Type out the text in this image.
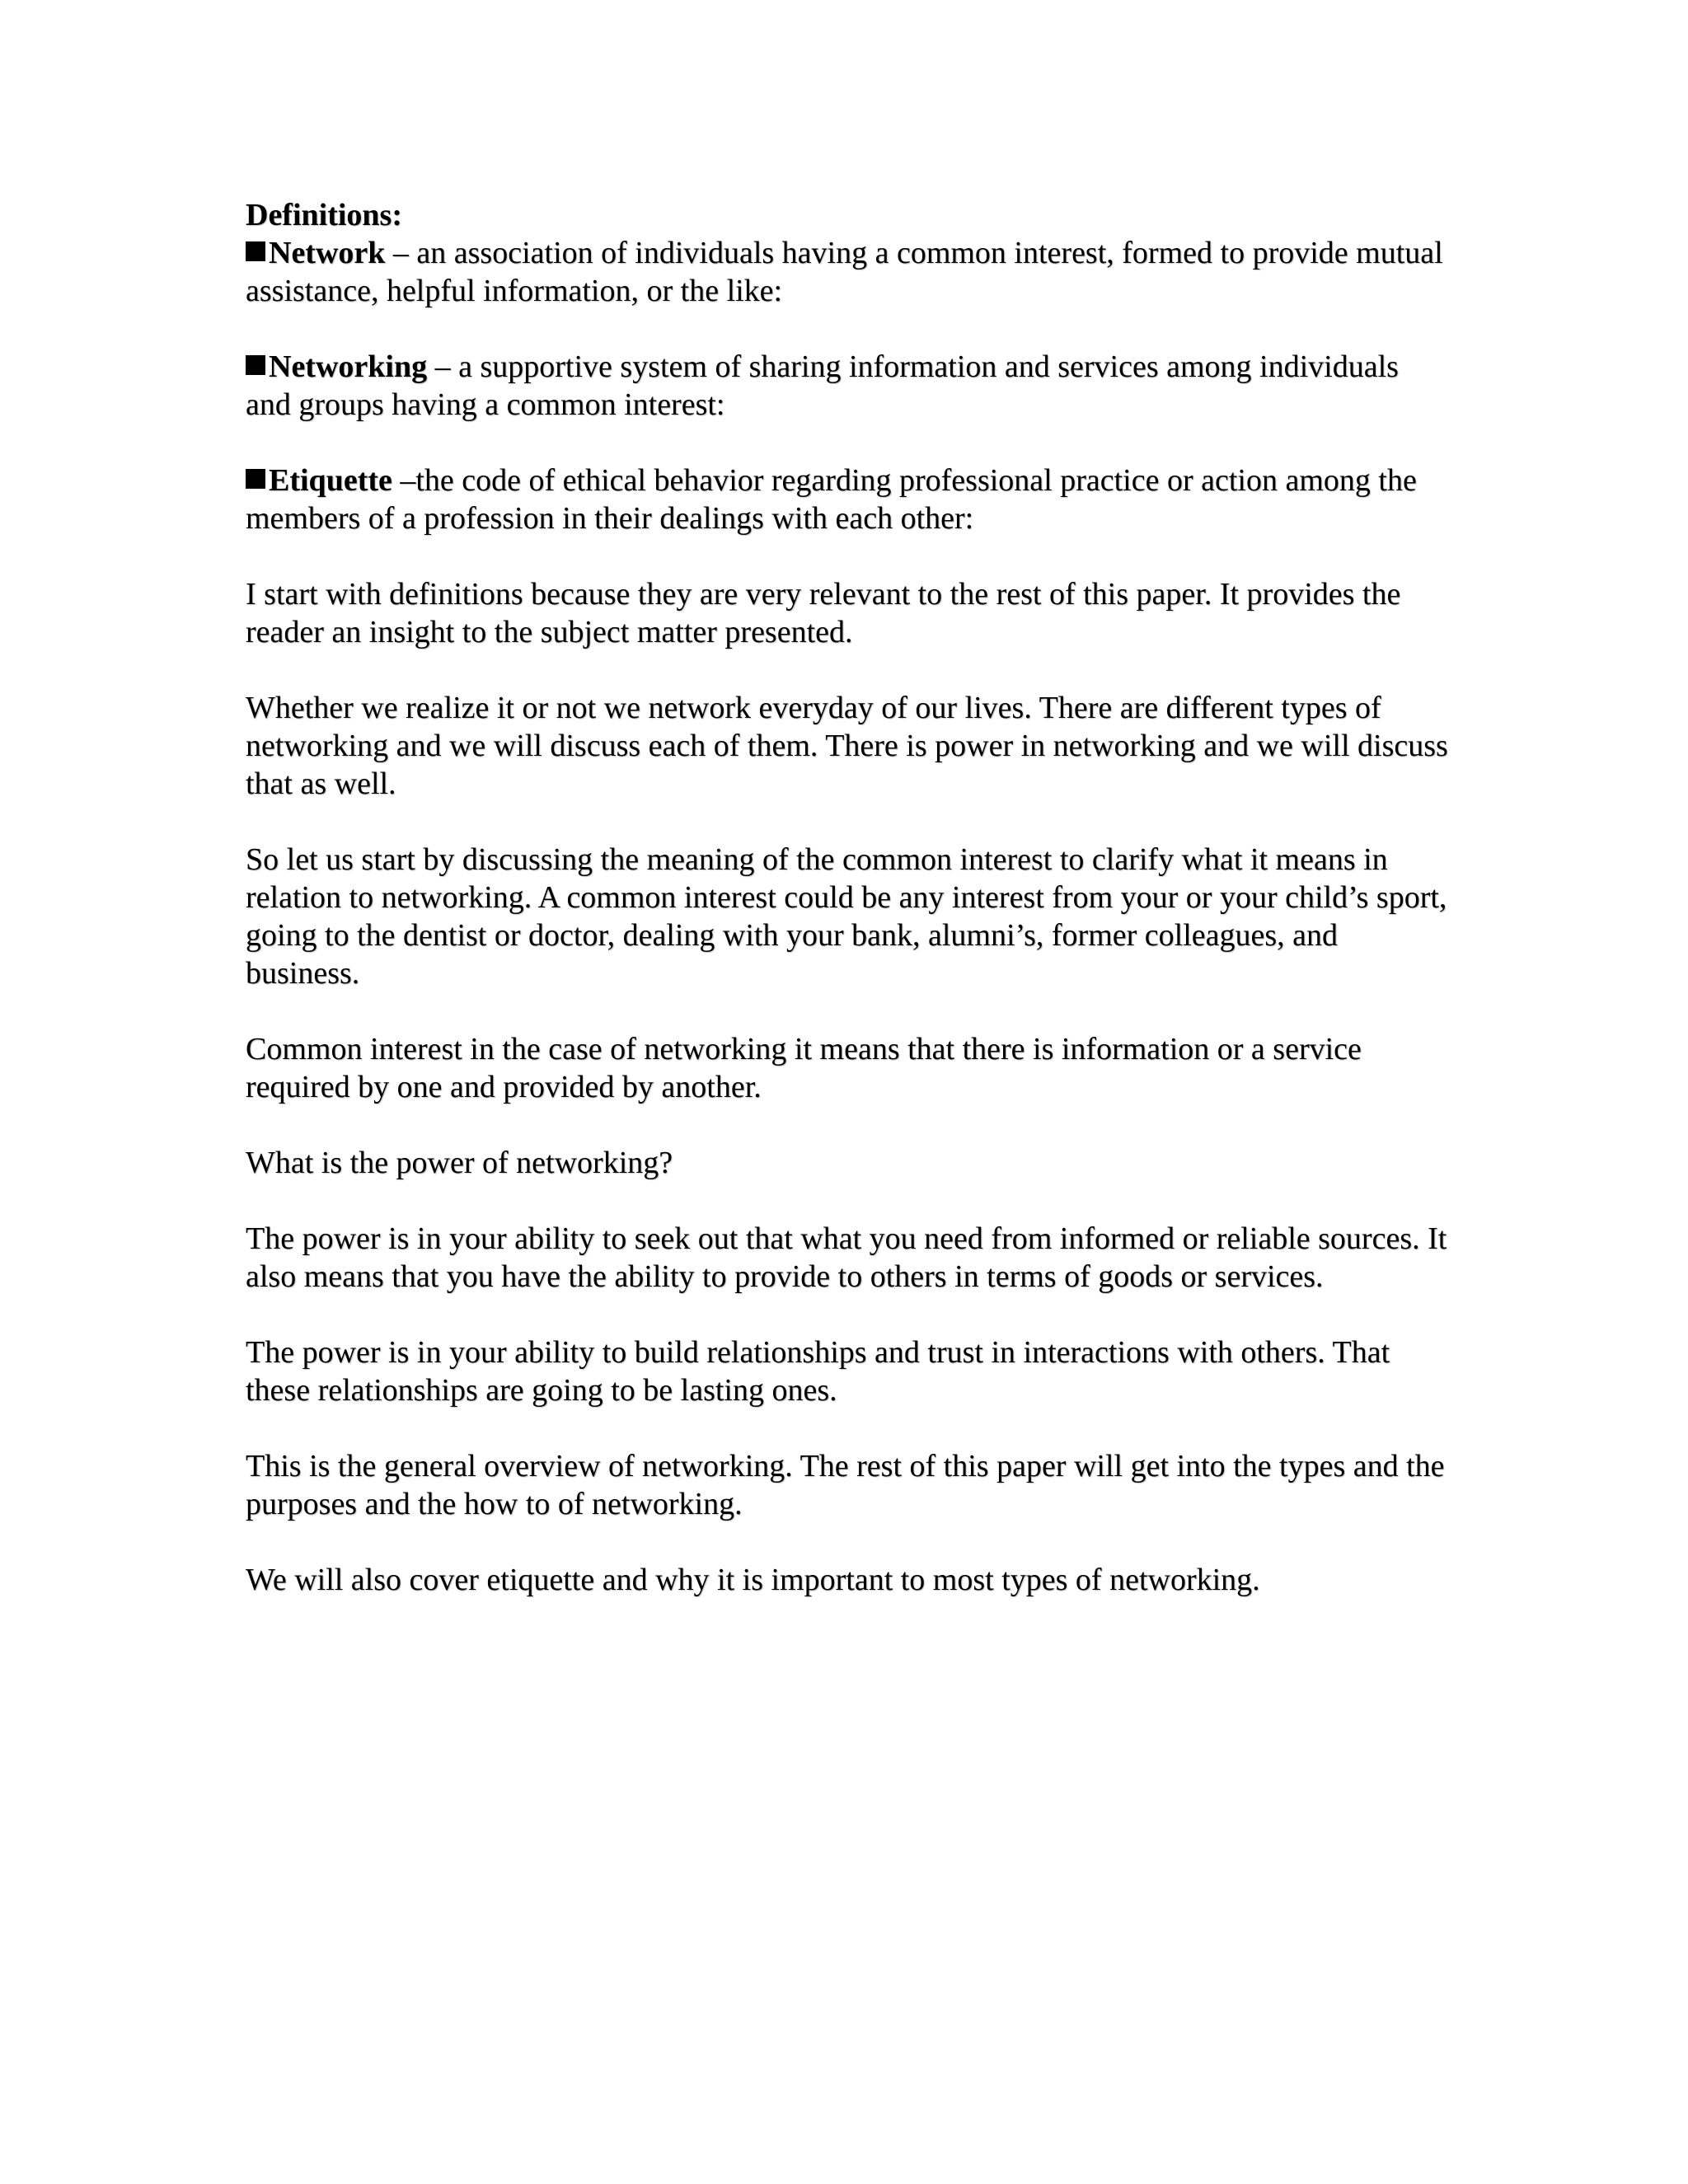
Definitions:

Network – an association of individuals having a common interest, formed to provide mutual assistance, helpful information, or the like:

Networking – a supportive system of sharing information and services among individuals and groups having a common interest:

Etiquette –the code of ethical behavior regarding professional practice or action among the members of a profession in their dealings with each other:

I start with definitions because they are very relevant to the rest of this paper. It provides the reader an insight to the subject matter presented.

Whether we realize it or not we network everyday of our lives. There are different types of networking and we will discuss each of them. There is power in networking and we will discuss that as well.

So let us start by discussing the meaning of the common interest to clarify what it means in relation to networking. A common interest could be any interest from your or your child’s sport, going to the dentist or doctor, dealing with your bank, alumni’s, former colleagues, and business.

Common interest in the case of networking it means that there is information or a service required by one and provided by another.

What is the power of networking?

The power is in your ability to seek out that what you need from informed or reliable sources. It also means that you have the ability to provide to others in terms of goods or services.

The power is in your ability to build relationships and trust in interactions with others. That these relationships are going to be lasting ones.

This is the general overview of networking. The rest of this paper will get into the types and the purposes and the how to of networking.

We will also cover etiquette and why it is important to most types of networking.
